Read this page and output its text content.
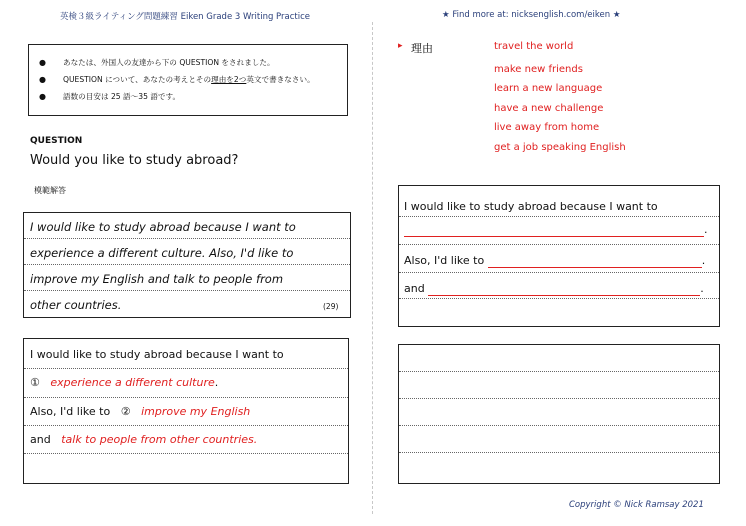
英検３級ライティング問題練習 Eiken Grade 3 Writing Practice	★ Find more at: nicksenglish.com/eiken ★
● あなたは、外国人の友達から下の QUESTION をされました。
● QUESTION について、あなたの考えとその理由を2つ英文で書きなさい。
● 語数の目安は 25 語～35 語です。
QUESTION
Would you like to study abroad?
模範解答
I would like to study abroad because I want to
experience a different culture. Also, I'd like to
improve my English and talk to people from
other countries.	(29)
I would like to study abroad because I want to
① experience a different culture.
Also, I'd like to ② improve my English
and talk to people from other countries.
▸ 理由	travel the world
make new friends
learn a new language
have a new challenge
live away from home
get a job speaking English
I would like to study abroad because I want to
.
Also, I'd like to	.
and	.
Copyright © Nick Ramsay 2021
